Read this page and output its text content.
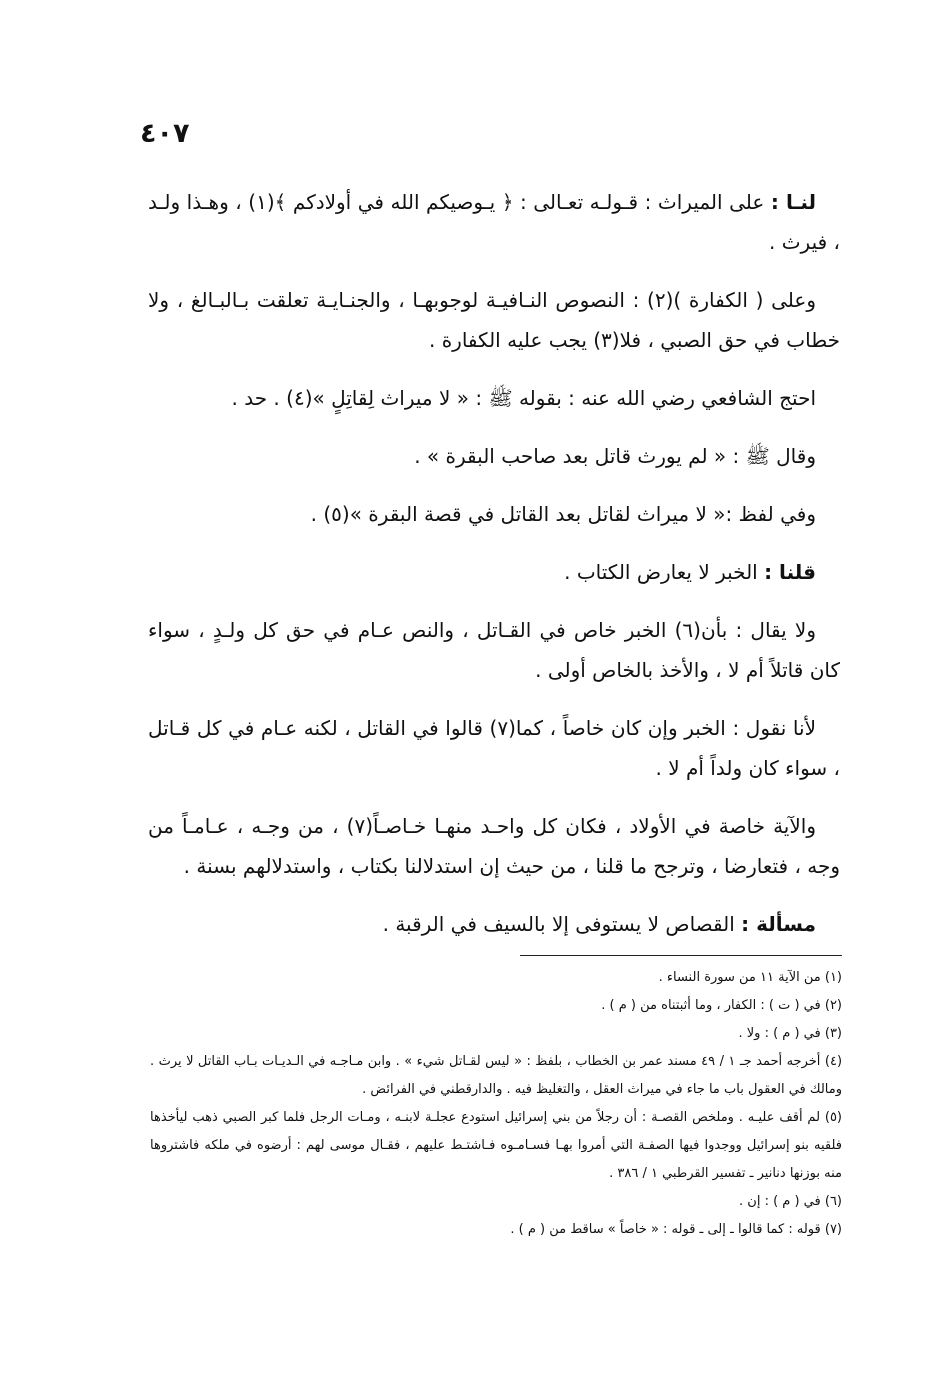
٤٠٧

لنـا : على الميراث : قـولـه تعـالى : ﴿ يـوصيكم الله في أولادكم ﴾(١) ، وهـذا ولـد ، فيرث .

وعلى ( الكفارة )(٢) : النصوص النـافيـة لوجوبهـا ، والجنـايـة تعلقت بـالبـالغ ، ولا خطاب في حق الصبي ، فلا(٣) يجب عليه الكفارة .

احتج الشافعي رضي الله عنه : بقوله ﷺ : « لا ميراث لِقاتِلٍ »(٤) . حد .

وقال ﷺ : « لم يورث قاتل بعد صاحب البقرة » .

وفي لفظ :« لا ميراث لقاتل بعد القاتل في قصة البقرة »(٥) .

قلنا : الخبر لا يعارض الكتاب .

ولا يقال : بأن(٦) الخبر خاص في القـاتل ، والنص عـام في حق كل ولـدٍ ، سواء كان قاتلاً أم لا ، والأخذ بالخاص أولى .

لأنا نقول : الخبر وإن كان خاصاً ، كما(٧) قالوا في القاتل ، لكنه عـام في كل قـاتل ، سواء كان ولداً أم لا .

والآية خاصة في الأولاد ، فكان كل واحـد منهـا خـاصـاً(٧) ، من وجـه ، عـامـاً من وجه ، فتعارضا ، وترجح ما قلنا ، من حيث إن استدلالنا بكتاب ، واستدلالهم بسنة .

مسألة : القصاص لا يستوفى إلا بالسيف في الرقبة .

(١) من الآية ١١ من سورة النساء .

(٢) في ( ت ) : الكفار ، وما أثبتناه من ( م ) .

(٣) في ( م ) : ولا .

(٤) أخرجه أحمد جـ ١ / ٤٩ مسند عمر بن الخطاب ، بلفظ : « ليس لقـاتل شيء » . وابن مـاجـه في الـديـات بـاب القاتل لا يرث . ومالك في العقول باب ما جاء في ميراث العقل ، والتغليظ فيه . والدارقطني في الفرائض .

(٥) لم أقف عليـه . وملخص القصـة : أن رجلاً من بني إسرائيل استودع عجلـة لابنـه ، ومـات الرجل فلما كبر الصبي ذهب ليأخذها فلقيه بنو إسرائيل ووجدوا فيها الصفـة التي أمروا بهـا فسـامـوه فـاشتـط عليهم ، فقـال موسى لهم : أرضوه في ملكه فاشتروها منه بوزنها دنانير ـ تفسير القرطبي ١ / ٣٨٦ .

(٦) في ( م ) : إن .

(٧) قوله : كما قالوا ـ إلى ـ قوله : « خاصاً » ساقط من ( م ) .
